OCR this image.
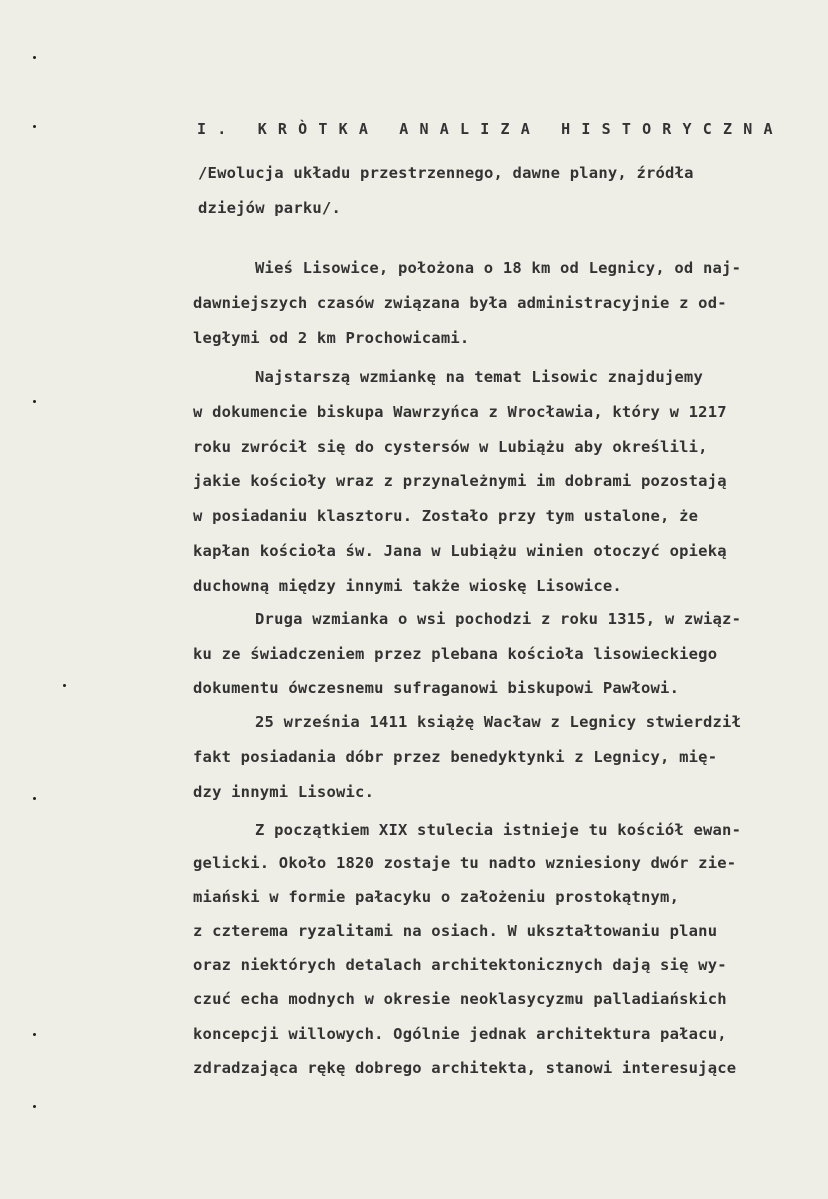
I. KRÒTKA ANALIZA HISTORYCZNA
/Ewolucja układu przestrzennego, dawne plany, źródła
dziejów parku/.
Wieś Lisowice, położona o 18 km od Legnicy, od naj-
dawniejszych czasów związana była administracyjnie z od-
ległymi od 2 km Prochowicami.
Najstarszą wzmiankę na temat Lisowic znajdujemy
w dokumencie biskupa Wawrzyńca z Wrocławia, który w 1217
roku zwrócił się do cystersów w Lubiążu aby określili,
jakie kościoły wraz z przynależnymi im dobrami pozostają
w posiadaniu klasztoru. Zostało przy tym ustalone, że
kapłan kościoła św. Jana w Lubiążu winien otoczyć opieką
duchowną między innymi także wioskę Lisowice.
Druga wzmianka o wsi pochodzi z roku 1315, w związ-
ku ze świadczeniem przez plebana kościoła lisowieckiego
dokumentu ówczesnemu sufraganowi biskupowi Pawłowi.
25 września 1411 książę Wacław z Legnicy stwierdził
fakt posiadania dóbr przez benedyktynki z Legnicy, mię-
dzy innymi Lisowic.
Z początkiem XIX stulecia istnieje tu kościół ewan-
gelicki. Około 1820 zostaje tu nadto wzniesiony dwór zie-
miański w formie pałacyku o założeniu prostokątnym,
z czterema ryzalitami na osiach. W ukształtowaniu planu
oraz niektórych detalach architektonicznych dają się wy-
czuć echa modnych w okresie neoklasycyzmu palladiańskich
koncepcji willowych. Ogólnie jednak architektura pałacu,
zdradzająca rękę dobrego architekta, stanowi interesujące
